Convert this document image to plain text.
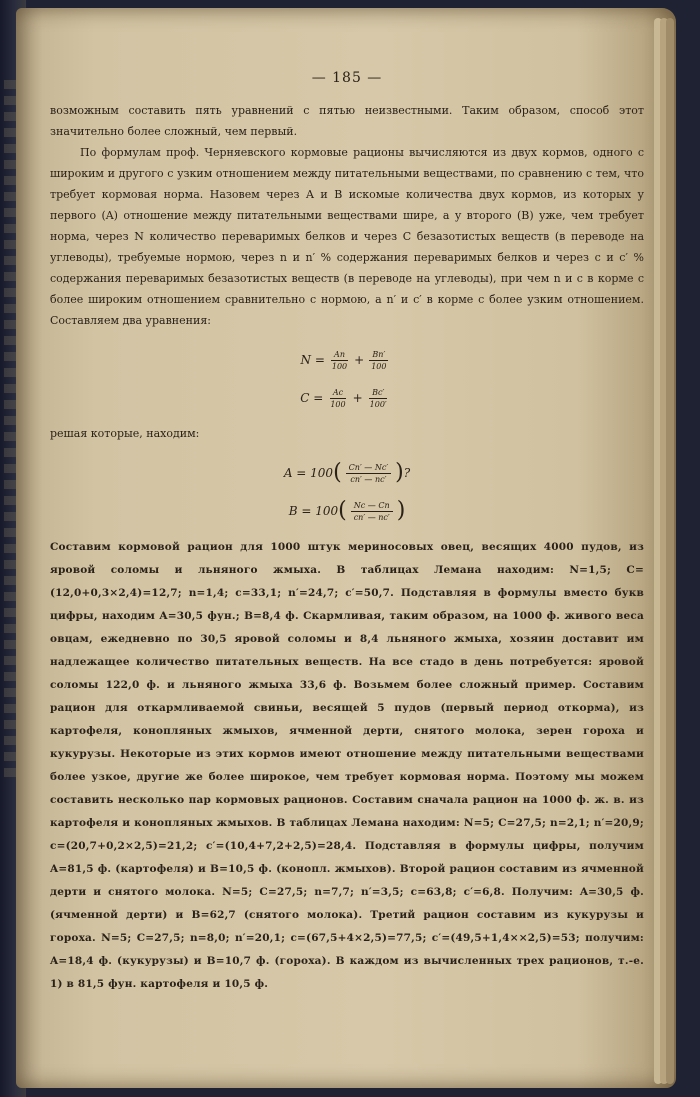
— 185 —

возможным составить пять уравнений с пятью неизвестными. Таким образом, способ этот значительно более сложный, чем первый.

По формулам проф. Черняевского кормовые рационы вычисляются из двух кормов, одного с широким и другого с узким отношением между питательными веществами, по сравнению с тем, что требует кормовая норма. Назовем через A и B искомые количества двух кормов, из которых у первого (A) отношение между питательными веществами шире, а у второго (B) уже, чем требует норма, через N количество переваримых белков и через C безазотистых веществ (в переводе на углеводы), требуемые нормою, через n и n′ % содержания переваримых белков и через c и c′ % содержания переваримых безазотистых веществ (в переводе на углеводы), при чем n и c в корме с более широким отношением сравнительно с нормою, а n′ и c′ в корме с более узким отношением. Составляем два уравнения:

$N = \frac{An}{100} + \frac{Bn'}{100}$
$C = \frac{Ac}{100} + \frac{Bc'}{100'}$

решая которые, находим:

A = 100 ( $\frac{Cn' — Nc'}{cn' — nc'}$ ) ?
B = 100 ( $\frac{Nc — Cn}{cn' — nc'}$ )

Составим кормовой рацион для 1000 штук мериносовых овец, весящих 4000 пудов, из яровой соломы и льняного жмыха. В таблицах Лемана находим: N=1,5; C=(12,0+0,3×2,4)=12,7; n=1,4; c=33,1; n′=24,7; c′=50,7. Подставляя в формулы вместо букв цифры, находим A=30,5 фун.; B=8,4 ф. Скармливая, таким образом, на 1000 ф. живого веса овцам, ежедневно по 30,5 яровой соломы и 8,4 льняного жмыха, хозяин доставит им надлежащее количество питательных веществ. На все стадо в день потребуется: яровой соломы 122,0 ф. и льняного жмыха 33,6 ф. Возьмем более сложный пример. Составим рацион для откармливаемой свиньи, весящей 5 пудов (первый период откорма), из картофеля, конопляных жмыхов, ячменной дерти, снятого молока, зерен гороха и кукурузы. Некоторые из этих кормов имеют отношение между питательными веществами более узкое, другие же более широкое, чем требует кормовая норма. Поэтому мы можем составить несколько пар кормовых рационов. Составим сначала рацион на 1000 ф. ж. в. из картофеля и конопляных жмыхов. В таблицах Лемана находим: N=5; C=27,5; n=2,1; n′=20,9; c=(20,7+0,2×2,5)=21,2; c′=(10,4+7,2+2,5)=28,4. Подставляя в формулы цифры, получим A=81,5 ф. (картофеля) и B=10,5 ф. (конопл. жмыхов). Второй рацион составим из ячменной дерти и снятого молока. N=5; C=27,5; n=7,7; n′=3,5; c=63,8; c′=6,8. Получим: A=30,5 ф. (ячменной дерти) и B=62,7 (снятого молока). Третий рацион составим из кукурузы и гороха. N=5; C=27,5; n=8,0; n′=20,1; c=(67,5+4×2,5)=77,5; c′=(49,5+1,4××2,5)=53; получим: A=18,4 ф. (кукурузы) и B=10,7 ф. (гороха). В каждом из вычисленных трех рационов, т.-е. 1) в 81,5 фун. картофеля и 10,5 ф.
